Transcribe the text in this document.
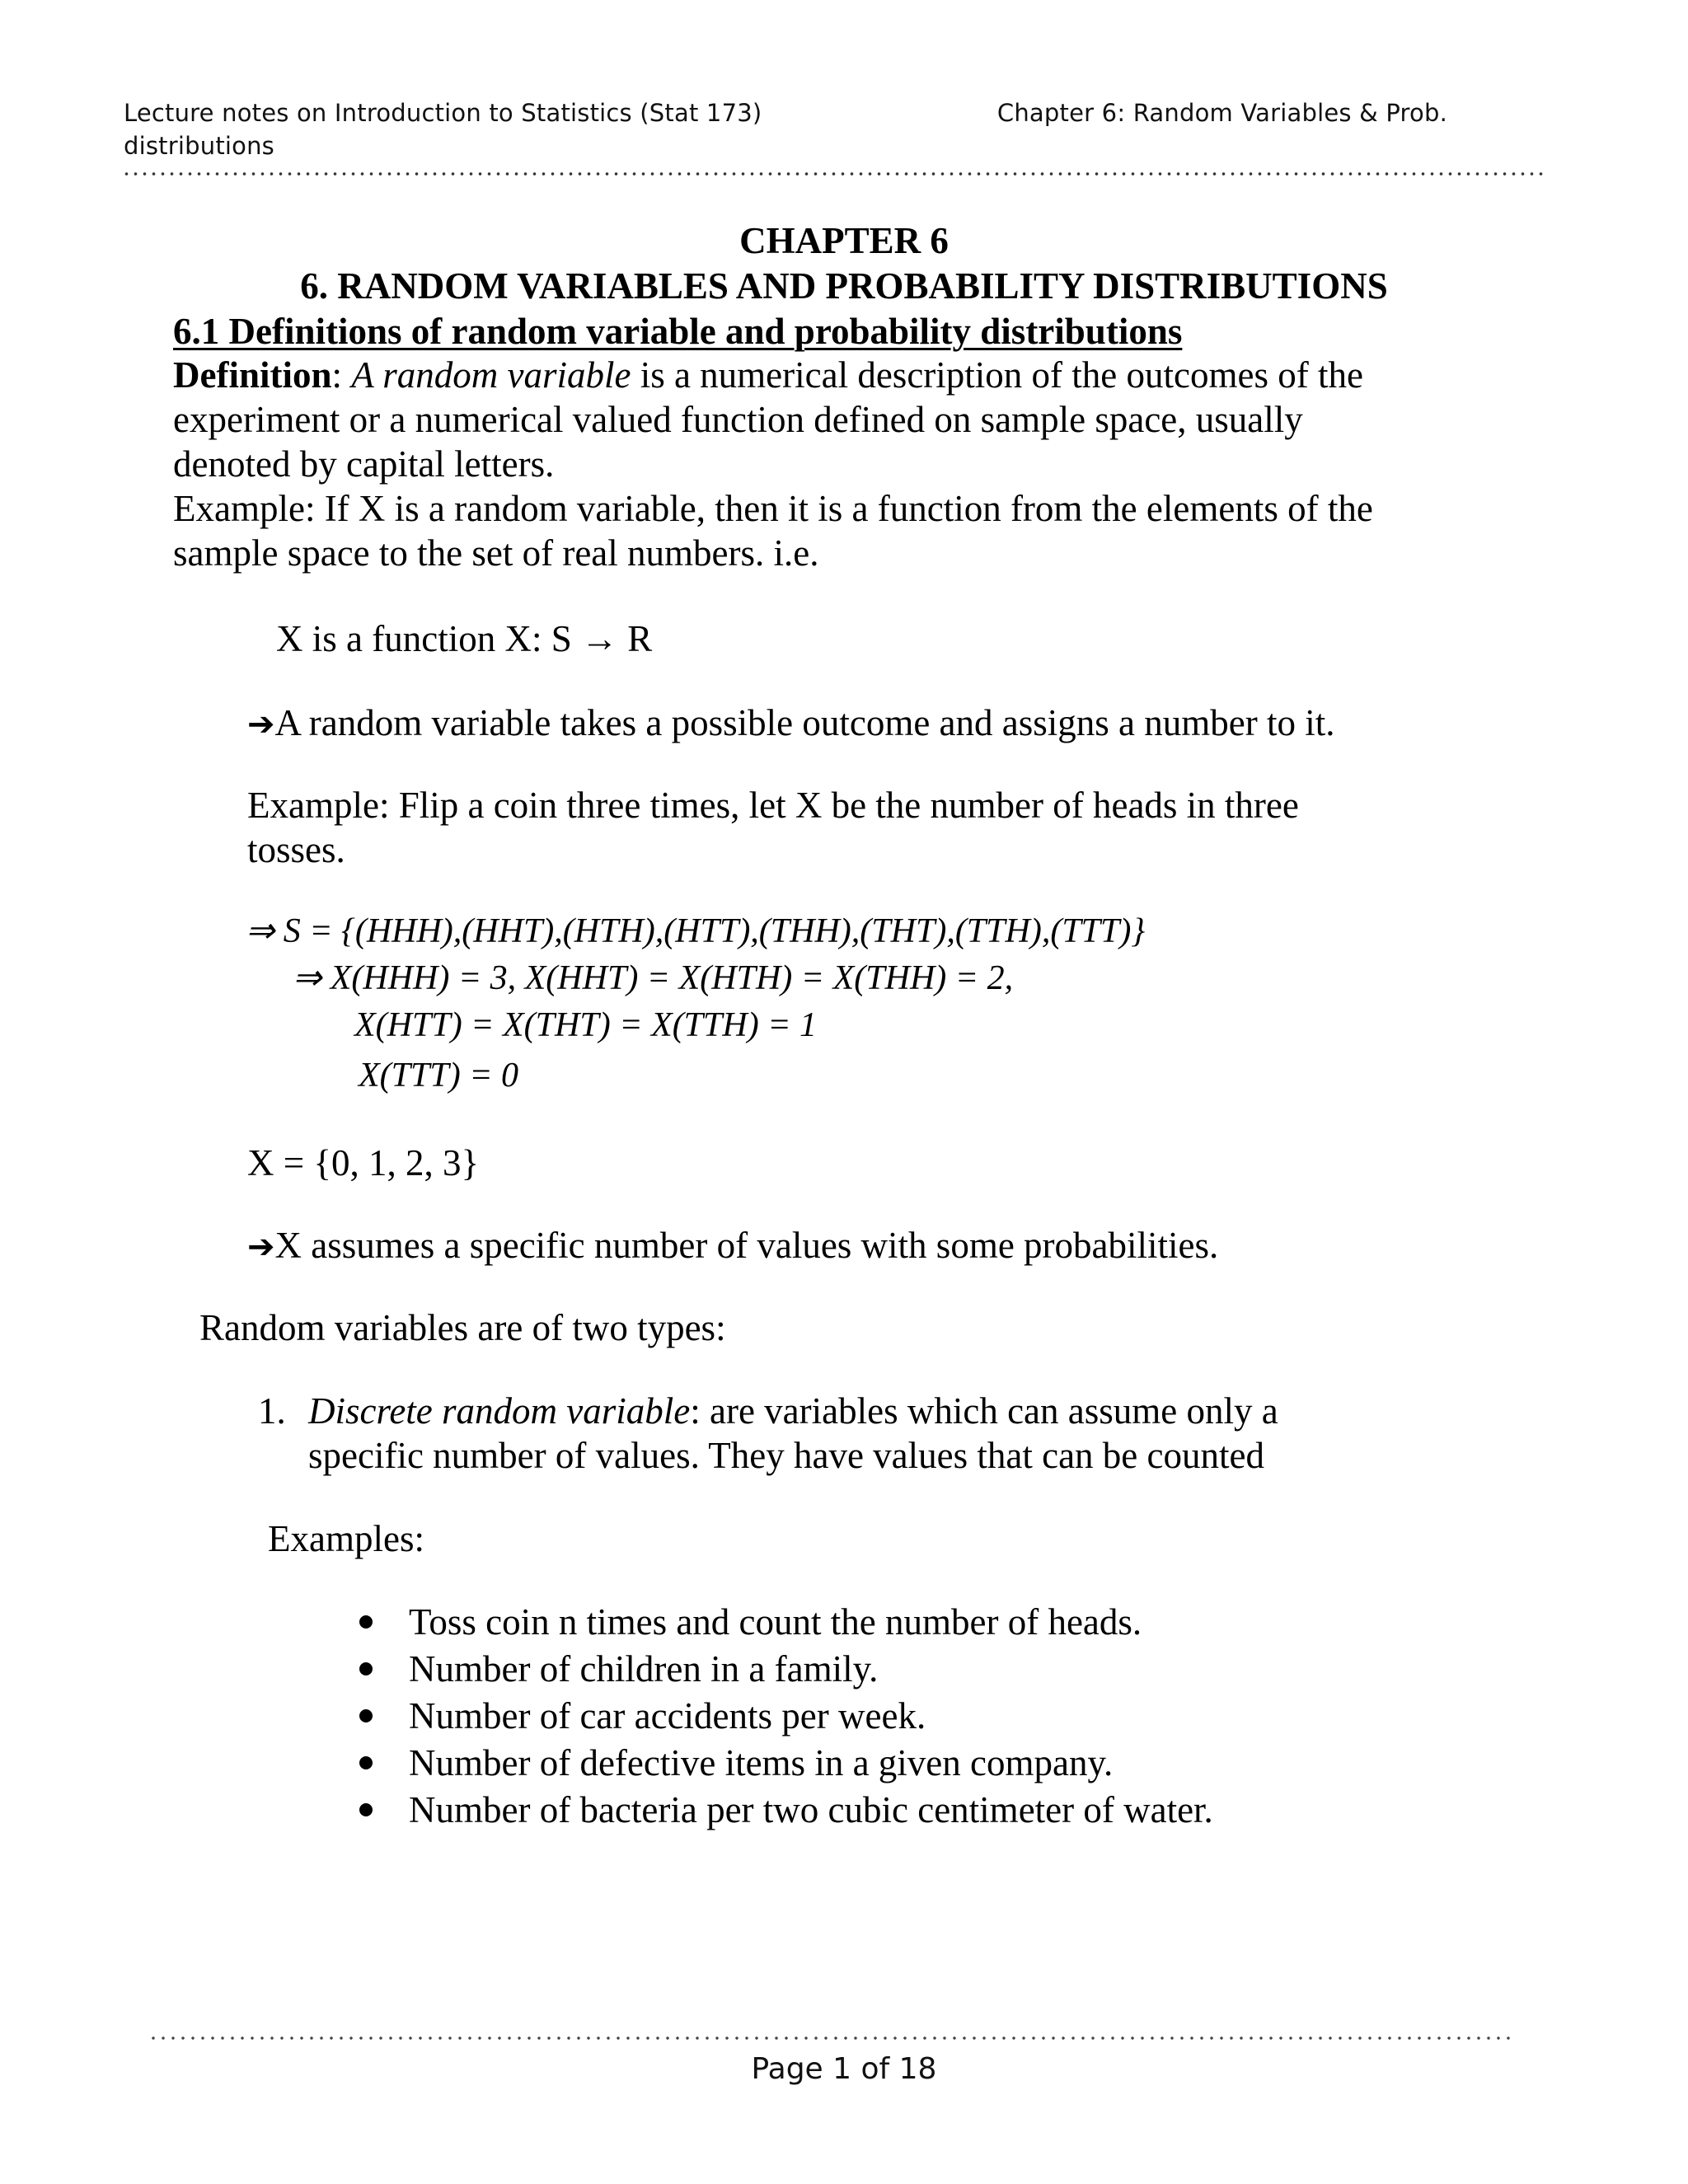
Lecture notes on Introduction to Statistics (Stat 173)
distributions
Chapter 6: Random Variables & Prob.
CHAPTER 6
6. RANDOM VARIABLES AND PROBABILITY DISTRIBUTIONS
6.1 Definitions of random variable and probability distributions
Definition: A random variable is a numerical description of the outcomes of the
experiment or a numerical valued function defined on sample space, usually
denoted by capital letters.
Example: If X is a random variable, then it is a function from the elements of the
sample space to the set of real numbers. i.e.
X is a function X: S → R
➔A random variable takes a possible outcome and assigns a number to it.
Example: Flip a coin three times, let X be the number of heads in three
tosses.
⇒ S = {(HHH),(HHT),(HTH),(HTT),(THH),(THT),(TTH),(TTT)}
⇒ X(HHH) = 3, X(HHT) = X(HTH) = X(THH) = 2,
X(HTT) = X(THT) = X(TTH) = 1
X(TTT) = 0
X = {0, 1, 2, 3}
➔X assumes a specific number of values with some probabilities.
Random variables are of two types:
1. Discrete random variable: are variables which can assume only a
specific number of values. They have values that can be counted
Examples:
Toss coin n times and count the number of heads.
Number of children in a family.
Number of car accidents per week.
Number of defective items in a given company.
Number of bacteria per two cubic centimeter of water.
Page 1 of 18
